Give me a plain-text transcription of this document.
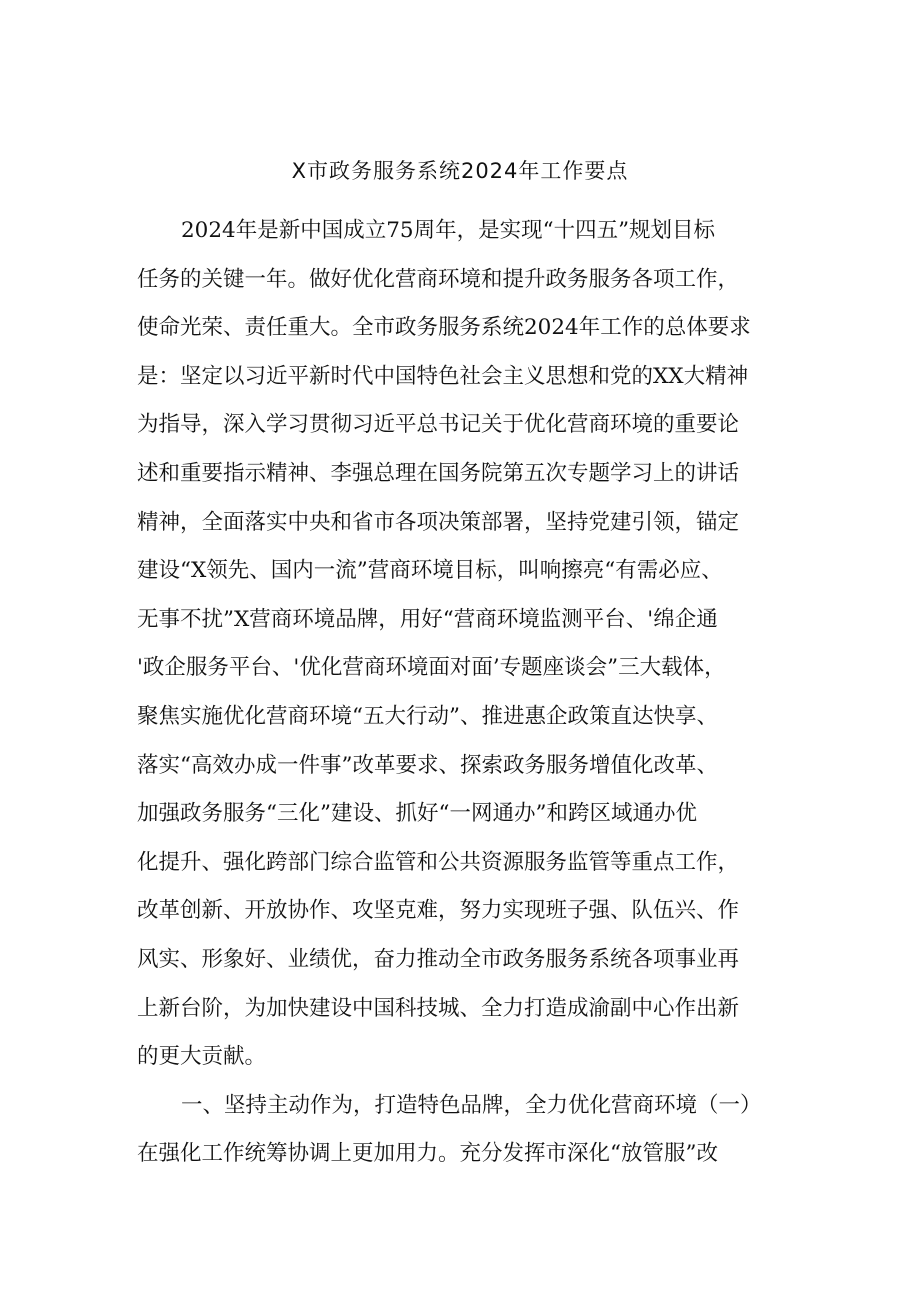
X市政务服务系统2024年工作要点
2024年是新中国成立75周年，是实现“十四五”规划目标
任务的关键一年。做好优化营商环境和提升政务服务各项工作，
使命光荣、责任重大。全市政务服务系统2024年工作的总体要求
是：坚定以习近平新时代中国特色社会主义思想和党的XX大精神
为指导，深入学习贯彻习近平总书记关于优化营商环境的重要论
述和重要指示精神、李强总理在国务院第五次专题学习上的讲话
精神，全面落实中央和省市各项决策部署，坚持党建引领，锚定
建设“X领先、国内一流”营商环境目标，叫响擦亮“有需必应、
无事不扰”X营商环境品牌，用好“营商环境监测平台、'绵企通
'政企服务平台、'优化营商环境面对面’专题座谈会”三大载体，
聚焦实施优化营商环境“五大行动”、推进惠企政策直达快享、
落实“高效办成一件事”改革要求、探索政务服务增值化改革、
加强政务服务“三化”建设、抓好“一网通办”和跨区域通办优
化提升、强化跨部门综合监管和公共资源服务监管等重点工作，
改革创新、开放协作、攻坚克难，努力实现班子强、队伍兴、作
风实、形象好、业绩优，奋力推动全市政务服务系统各项事业再
上新台阶，为加快建设中国科技城、全力打造成渝副中心作出新
的更大贡献。
一、坚持主动作为，打造特色品牌，全力优化营商环境（一）
在强化工作统筹协调上更加用力。充分发挥市深化“放管服”改
